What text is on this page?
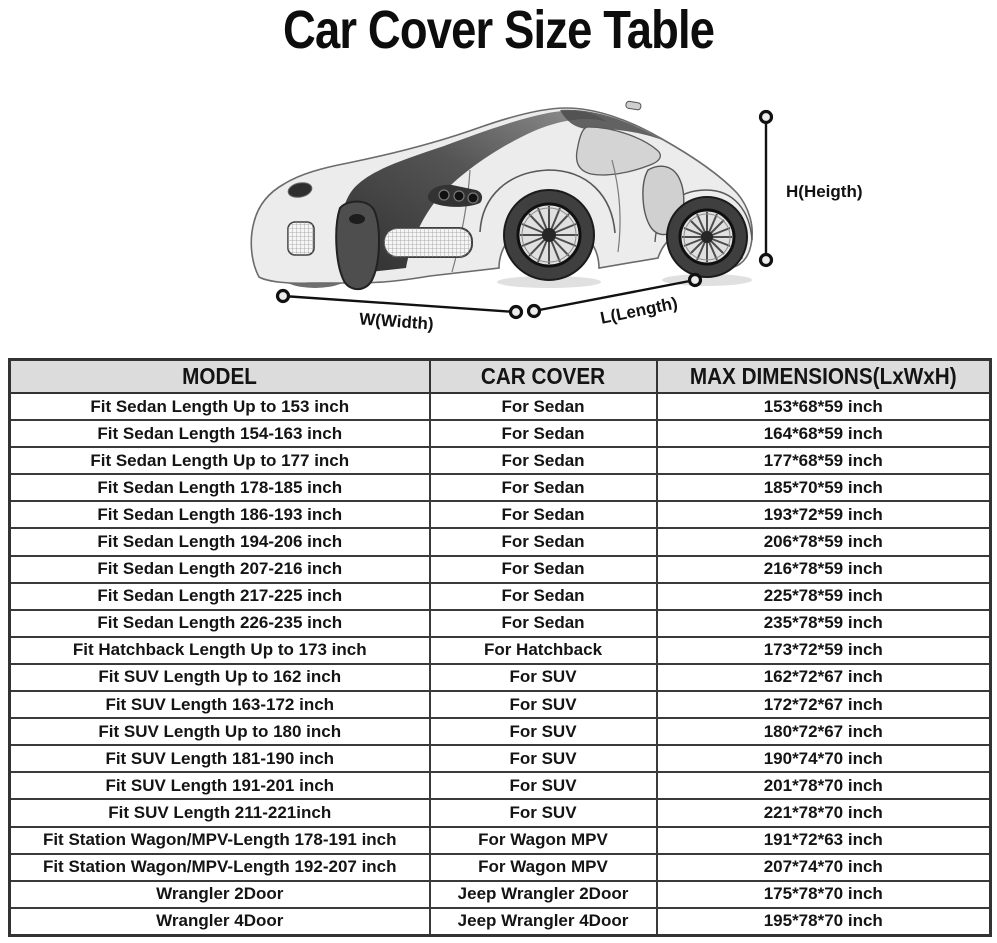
Car Cover Size Table
W(Width)	L(Length)
H(Heigth)
MODEL	CAR COVER	MAX DIMENSIONS(LxWxH)
Fit Sedan Length Up to 153 inch	For Sedan	153*68*59 inch
Fit Sedan Length 154-163 inch	For Sedan	164*68*59 inch
Fit Sedan Length Up to 177 inch	For Sedan	177*68*59 inch
Fit Sedan Length 178-185 inch	For Sedan	185*70*59 inch
Fit Sedan Length 186-193 inch	For Sedan	193*72*59 inch
Fit Sedan Length 194-206 inch	For Sedan	206*78*59 inch
Fit Sedan Length 207-216 inch	For Sedan	216*78*59 inch
Fit Sedan Length 217-225 inch	For Sedan	225*78*59 inch
Fit Sedan Length 226-235 inch	For Sedan	235*78*59 inch
Fit Hatchback Length Up to 173 inch	For Hatchback	173*72*59 inch
Fit SUV Length Up to 162 inch	For SUV	162*72*67 inch
Fit SUV Length 163-172 inch	For SUV	172*72*67 inch
Fit SUV Length Up to 180 inch	For SUV	180*72*67 inch
Fit SUV Length 181-190 inch	For SUV	190*74*70 inch
Fit SUV Length 191-201 inch	For SUV	201*78*70 inch
Fit SUV Length 211-221inch	For SUV	221*78*70 inch
Fit Station Wagon/MPV-Length 178-191 inch	For Wagon MPV	191*72*63 inch
Fit Station Wagon/MPV-Length 192-207 inch	For Wagon MPV	207*74*70 inch
Wrangler 2Door	Jeep Wrangler 2Door	175*78*70 inch
Wrangler 4Door	Jeep Wrangler 4Door	195*78*70 inch
